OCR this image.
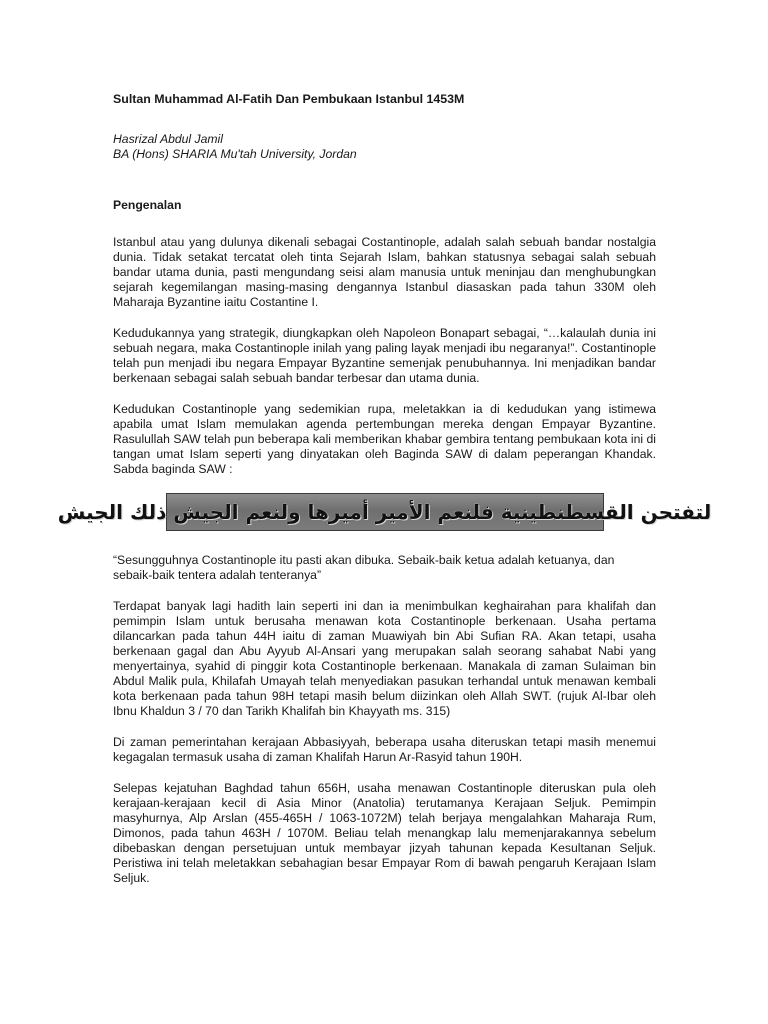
Sultan Muhammad Al-Fatih Dan Pembukaan Istanbul 1453M
Hasrizal Abdul Jamil
BA (Hons) SHARIA Mu'tah University, Jordan
Pengenalan

Istanbul atau yang dulunya dikenali sebagai Costantinople, adalah salah sebuah bandar nostalgia dunia. Tidak setakat tercatat oleh tinta Sejarah Islam, bahkan statusnya sebagai salah sebuah bandar utama dunia, pasti mengundang seisi alam manusia untuk meninjau dan menghubungkan sejarah kegemilangan masing-masing dengannya Istanbul diasaskan pada tahun 330M oleh Maharaja Byzantine iaitu Costantine I.

Kedudukannya yang strategik, diungkapkan oleh Napoleon Bonapart sebagai, “…kalaulah dunia ini sebuah negara, maka Costantinople inilah yang paling layak menjadi ibu negaranya!”. Costantinople telah pun menjadi ibu negara Empayar Byzantine semenjak penubuhannya. Ini menjadikan bandar berkenaan sebagai salah sebuah bandar terbesar dan utama dunia.

Kedudukan Costantinople yang sedemikian rupa, meletakkan ia di kedudukan yang istimewa apabila umat Islam memulakan agenda pertembungan mereka dengan Empayar Byzantine. Rasulullah SAW telah pun beberapa kali memberikan khabar gembira tentang pembukaan kota ini di tangan umat Islam seperti yang dinyatakan oleh Baginda SAW di dalam peperangan Khandak. Sabda baginda SAW :

لتفتحن القسطنطينية فلنعم الأمير أميرها ولنعم الجيش ذلك الجيش

“Sesungguhnya Costantinople itu pasti akan dibuka. Sebaik-baik ketua adalah ketuanya, dan sebaik-baik tentera adalah tenteranya”

Terdapat banyak lagi hadith lain seperti ini dan ia menimbulkan keghairahan para khalifah dan pemimpin Islam untuk berusaha menawan kota Costantinople berkenaan. Usaha pertama dilancarkan pada tahun 44H iaitu di zaman Muawiyah bin Abi Sufian RA. Akan tetapi, usaha berkenaan gagal dan Abu Ayyub Al-Ansari yang merupakan salah seorang sahabat Nabi yang menyertainya, syahid di pinggir kota Costantinople berkenaan. Manakala di zaman Sulaiman bin Abdul Malik pula, Khilafah Umayah telah menyediakan pasukan terhandal untuk menawan kembali kota berkenaan pada tahun 98H tetapi masih belum diizinkan oleh Allah SWT. (rujuk Al-Ibar oleh Ibnu Khaldun 3 / 70 dan Tarikh Khalifah bin Khayyath ms. 315)

Di zaman pemerintahan kerajaan Abbasiyyah, beberapa usaha diteruskan tetapi masih menemui kegagalan termasuk usaha di zaman Khalifah Harun Ar-Rasyid tahun 190H.

Selepas kejatuhan Baghdad tahun 656H, usaha menawan Costantinople diteruskan pula oleh kerajaan-kerajaan kecil di Asia Minor (Anatolia) terutamanya Kerajaan Seljuk. Pemimpin masyhurnya, Alp Arslan (455-465H / 1063-1072M) telah berjaya mengalahkan Maharaja Rum, Dimonos, pada tahun 463H / 1070M. Beliau telah menangkap lalu memenjarakannya sebelum dibebaskan dengan persetujuan untuk membayar jizyah tahunan kepada Kesultanan Seljuk. Peristiwa ini telah meletakkan sebahagian besar Empayar Rom di bawah pengaruh Kerajaan Islam Seljuk.
